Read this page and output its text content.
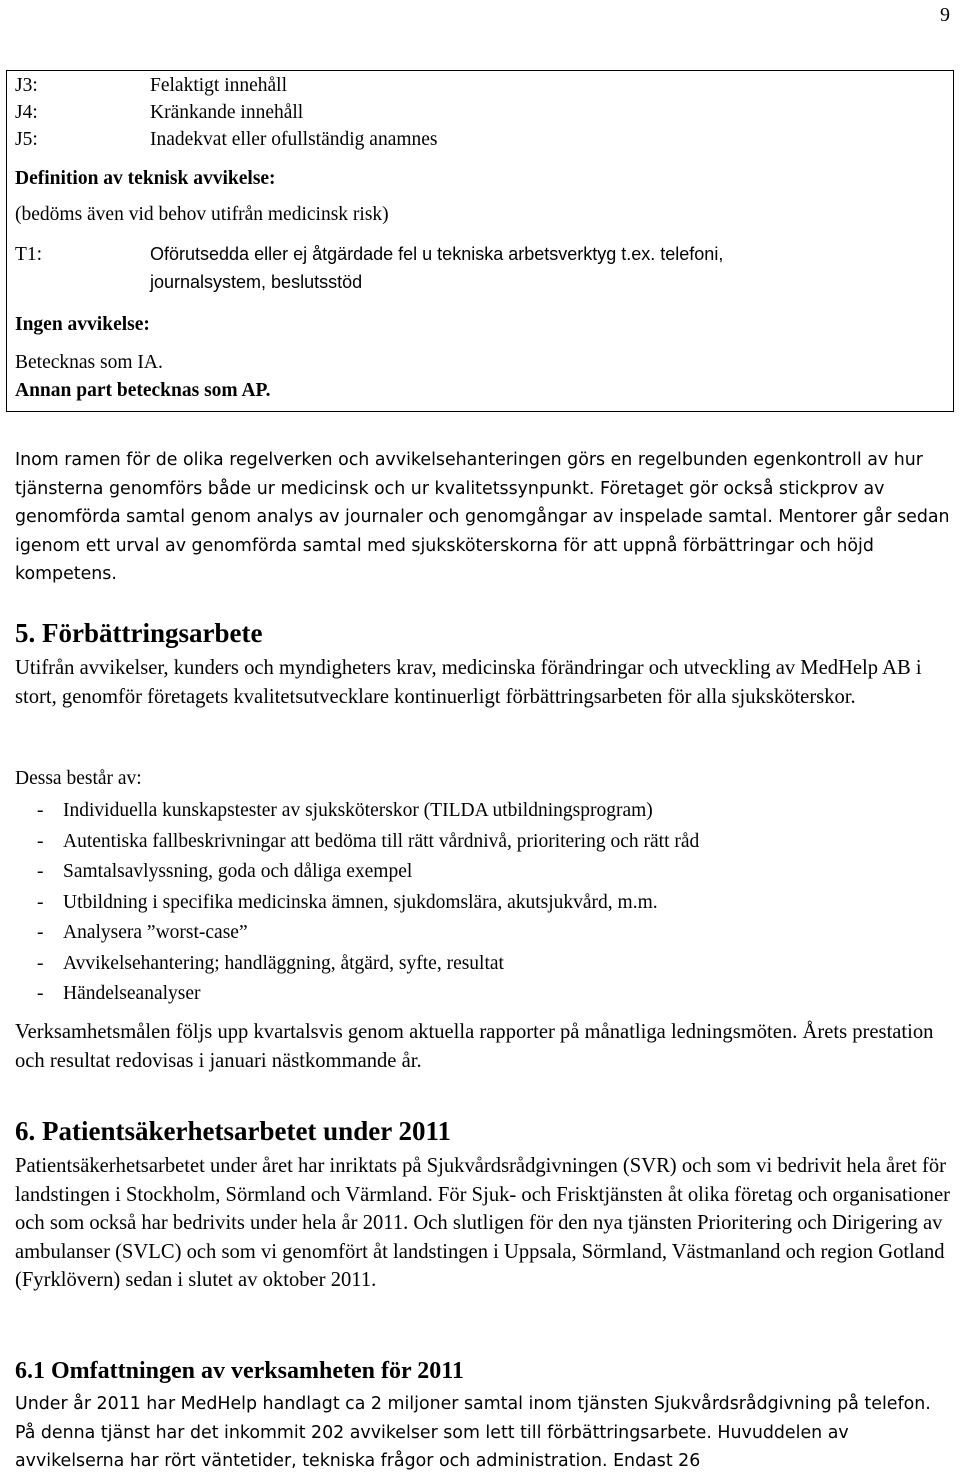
9
J3:	Felaktigt innehåll
J4:	Kränkande innehåll
J5:	Inadekvat eller ofullständig anamnes
Definition av teknisk avvikelse:
(bedöms även vid behov utifrån medicinsk risk)
T1:	Oförutsedda eller ej åtgärdade fel u tekniska arbetsverktyg t.ex. telefoni,
journalsystem, beslutsstöd
Ingen avvikelse:
Betecknas som IA.
Annan part betecknas som AP.
Inom ramen för de olika regelverken och avvikelsehanteringen görs en regelbunden egenkontroll av hur tjänsterna genomförs både ur medicinsk och ur kvalitetssynpunkt. Företaget gör också stickprov av genomförda samtal genom analys av journaler och genomgångar av inspelade samtal. Mentorer går sedan igenom ett urval av genomförda samtal med sjuksköterskorna för att uppnå förbättringar och höjd kompetens.
5. Förbättringsarbete
Utifrån avvikelser, kunders och myndigheters krav, medicinska förändringar och utveckling av MedHelp AB i stort, genomför företagets kvalitetsutvecklare kontinuerligt förbättringsarbeten för alla sjuksköterskor.
Dessa består av:
- Individuella kunskapstester av sjuksköterskor (TILDA utbildningsprogram)
- Autentiska fallbeskrivningar att bedöma till rätt vårdnivå, prioritering och rätt råd
- Samtalsavlyssning, goda och dåliga exempel
- Utbildning i specifika medicinska ämnen, sjukdomslära, akutsjukvård, m.m.
- Analysera ”worst-case”
- Avvikelsehantering; handläggning, åtgärd, syfte, resultat
- Händelseanalyser
Verksamhetsmålen följs upp kvartalsvis genom aktuella rapporter på månatliga ledningsmöten. Årets prestation och resultat redovisas i januari nästkommande år.
6. Patientsäkerhetsarbetet under 2011
Patientsäkerhetsarbetet under året har inriktats på Sjukvårdsrådgivningen (SVR) och som vi bedrivit hela året för landstingen i Stockholm, Sörmland och Värmland. För Sjuk- och Frisktjänsten åt olika företag och organisationer och som också har bedrivits under hela år 2011. Och slutligen för den nya tjänsten Prioritering och Dirigering av ambulanser (SVLC) och som vi genomfört åt landstingen i Uppsala, Sörmland, Västmanland och region Gotland (Fyrklövern) sedan i slutet av oktober 2011.
6.1 Omfattningen av verksamheten för 2011
Under år 2011 har MedHelp handlagt ca 2 miljoner samtal inom tjänsten Sjukvårdsrådgivning på telefon. På denna tjänst har det inkommit 202 avvikelser som lett till förbättringsarbete. Huvuddelen av avvikelserna har rört väntetider, tekniska frågor och administration. Endast 26
